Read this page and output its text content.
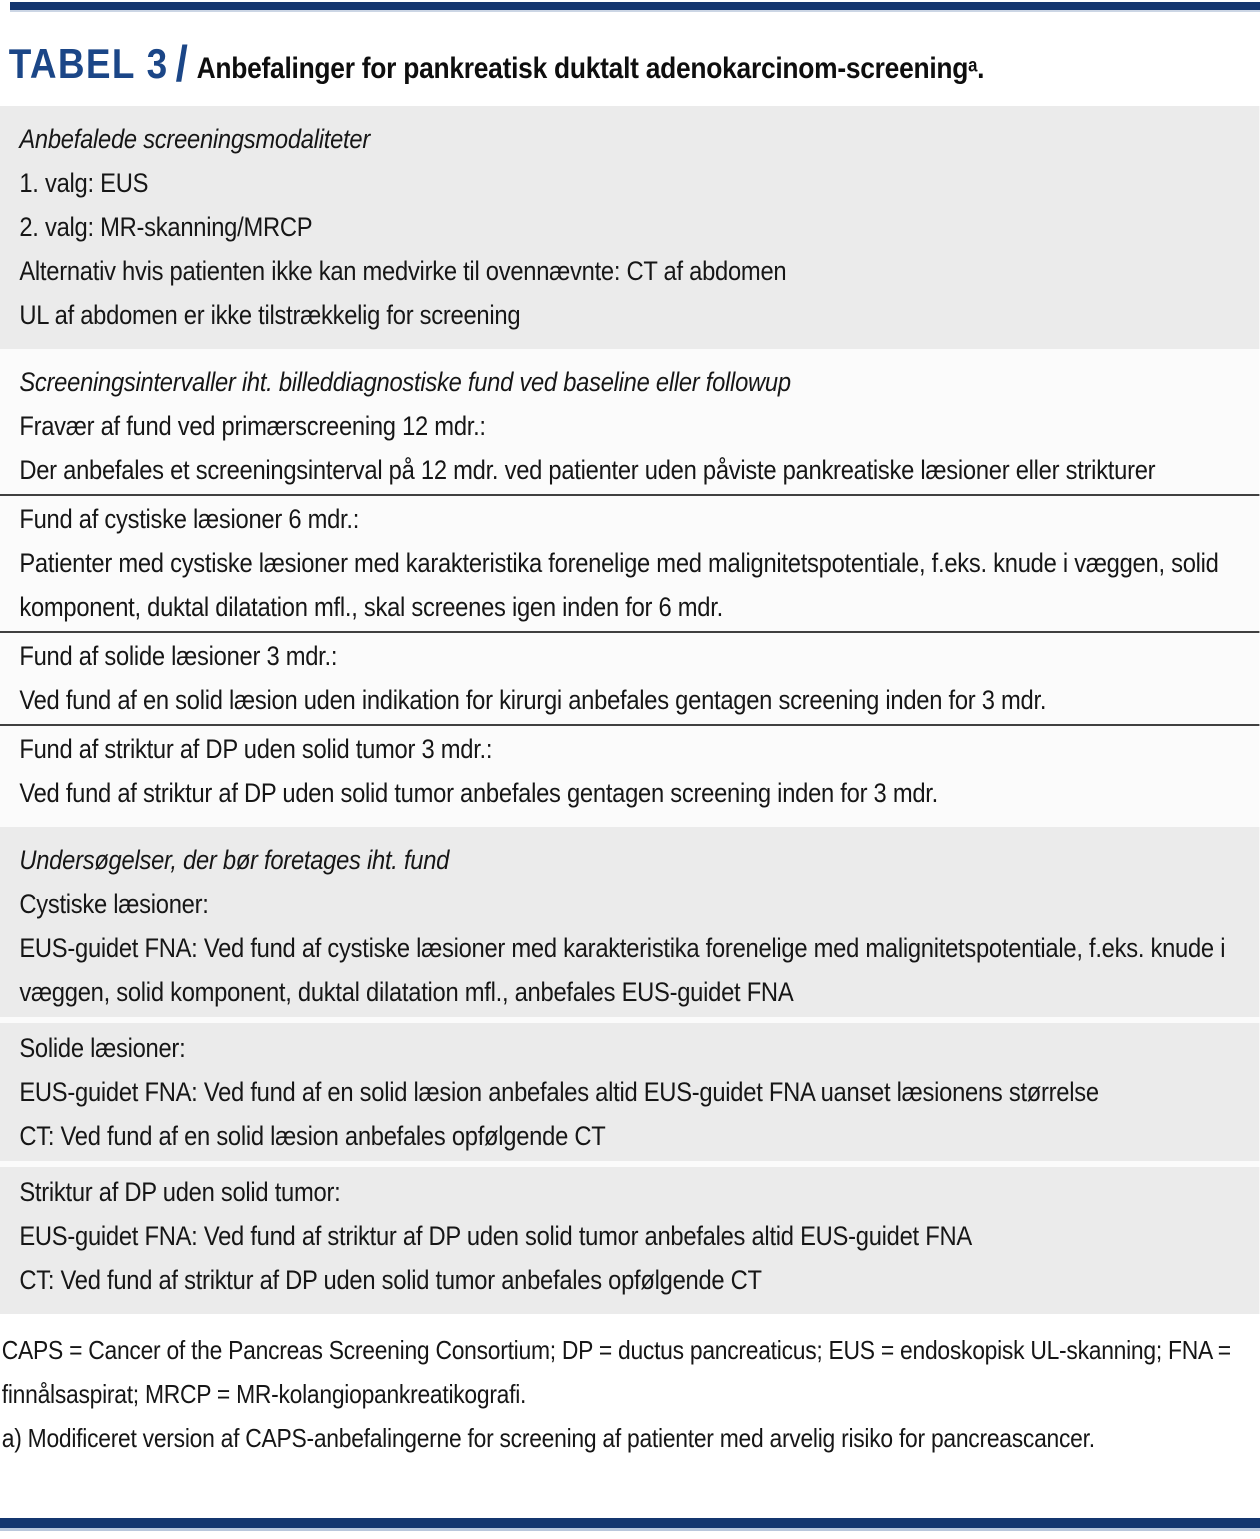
TABEL 3 / Anbefalinger for pankreatisk duktalt adenokarcinom-screeninga.
Anbefalede screeningsmodaliteter
1. valg: EUS
2. valg: MR-skanning/MRCP
Alternativ hvis patienten ikke kan medvirke til ovennævnte: CT af abdomen
UL af abdomen er ikke tilstrækkelig for screening
Screeningsintervaller iht. billeddiagnostiske fund ved baseline eller followup
Fravær af fund ved primærscreening 12 mdr.:
Der anbefales et screeningsinterval på 12 mdr. ved patienter uden påviste pankreatiske læsioner eller strikturer
Fund af cystiske læsioner 6 mdr.:
Patienter med cystiske læsioner med karakteristika forenelige med malignitetspotentiale, f.eks. knude i væggen, solid komponent, duktal dilatation mfl., skal screenes igen inden for 6 mdr.
Fund af solide læsioner 3 mdr.:
Ved fund af en solid læsion uden indikation for kirurgi anbefales gentagen screening inden for 3 mdr.
Fund af striktur af DP uden solid tumor 3 mdr.:
Ved fund af striktur af DP uden solid tumor anbefales gentagen screening inden for 3 mdr.
Undersøgelser, der bør foretages iht. fund
Cystiske læsioner:
EUS-guidet FNA: Ved fund af cystiske læsioner med karakteristika forenelige med malignitetspotentiale, f.eks. knude i væggen, solid komponent, duktal dilatation mfl., anbefales EUS-guidet FNA
Solide læsioner:
EUS-guidet FNA: Ved fund af en solid læsion anbefales altid EUS-guidet FNA uanset læsionens størrelse
CT: Ved fund af en solid læsion anbefales opfølgende CT
Striktur af DP uden solid tumor:
EUS-guidet FNA: Ved fund af striktur af DP uden solid tumor anbefales altid EUS-guidet FNA
CT: Ved fund af striktur af DP uden solid tumor anbefales opfølgende CT
CAPS = Cancer of the Pancreas Screening Consortium; DP = ductus pancreaticus; EUS = endoskopisk UL-skanning; FNA = finnålsaspirat; MRCP = MR-kolangiopankreatikografi.
a) Modificeret version af CAPS-anbefalingerne for screening af patienter med arvelig risiko for pancreascancer.
